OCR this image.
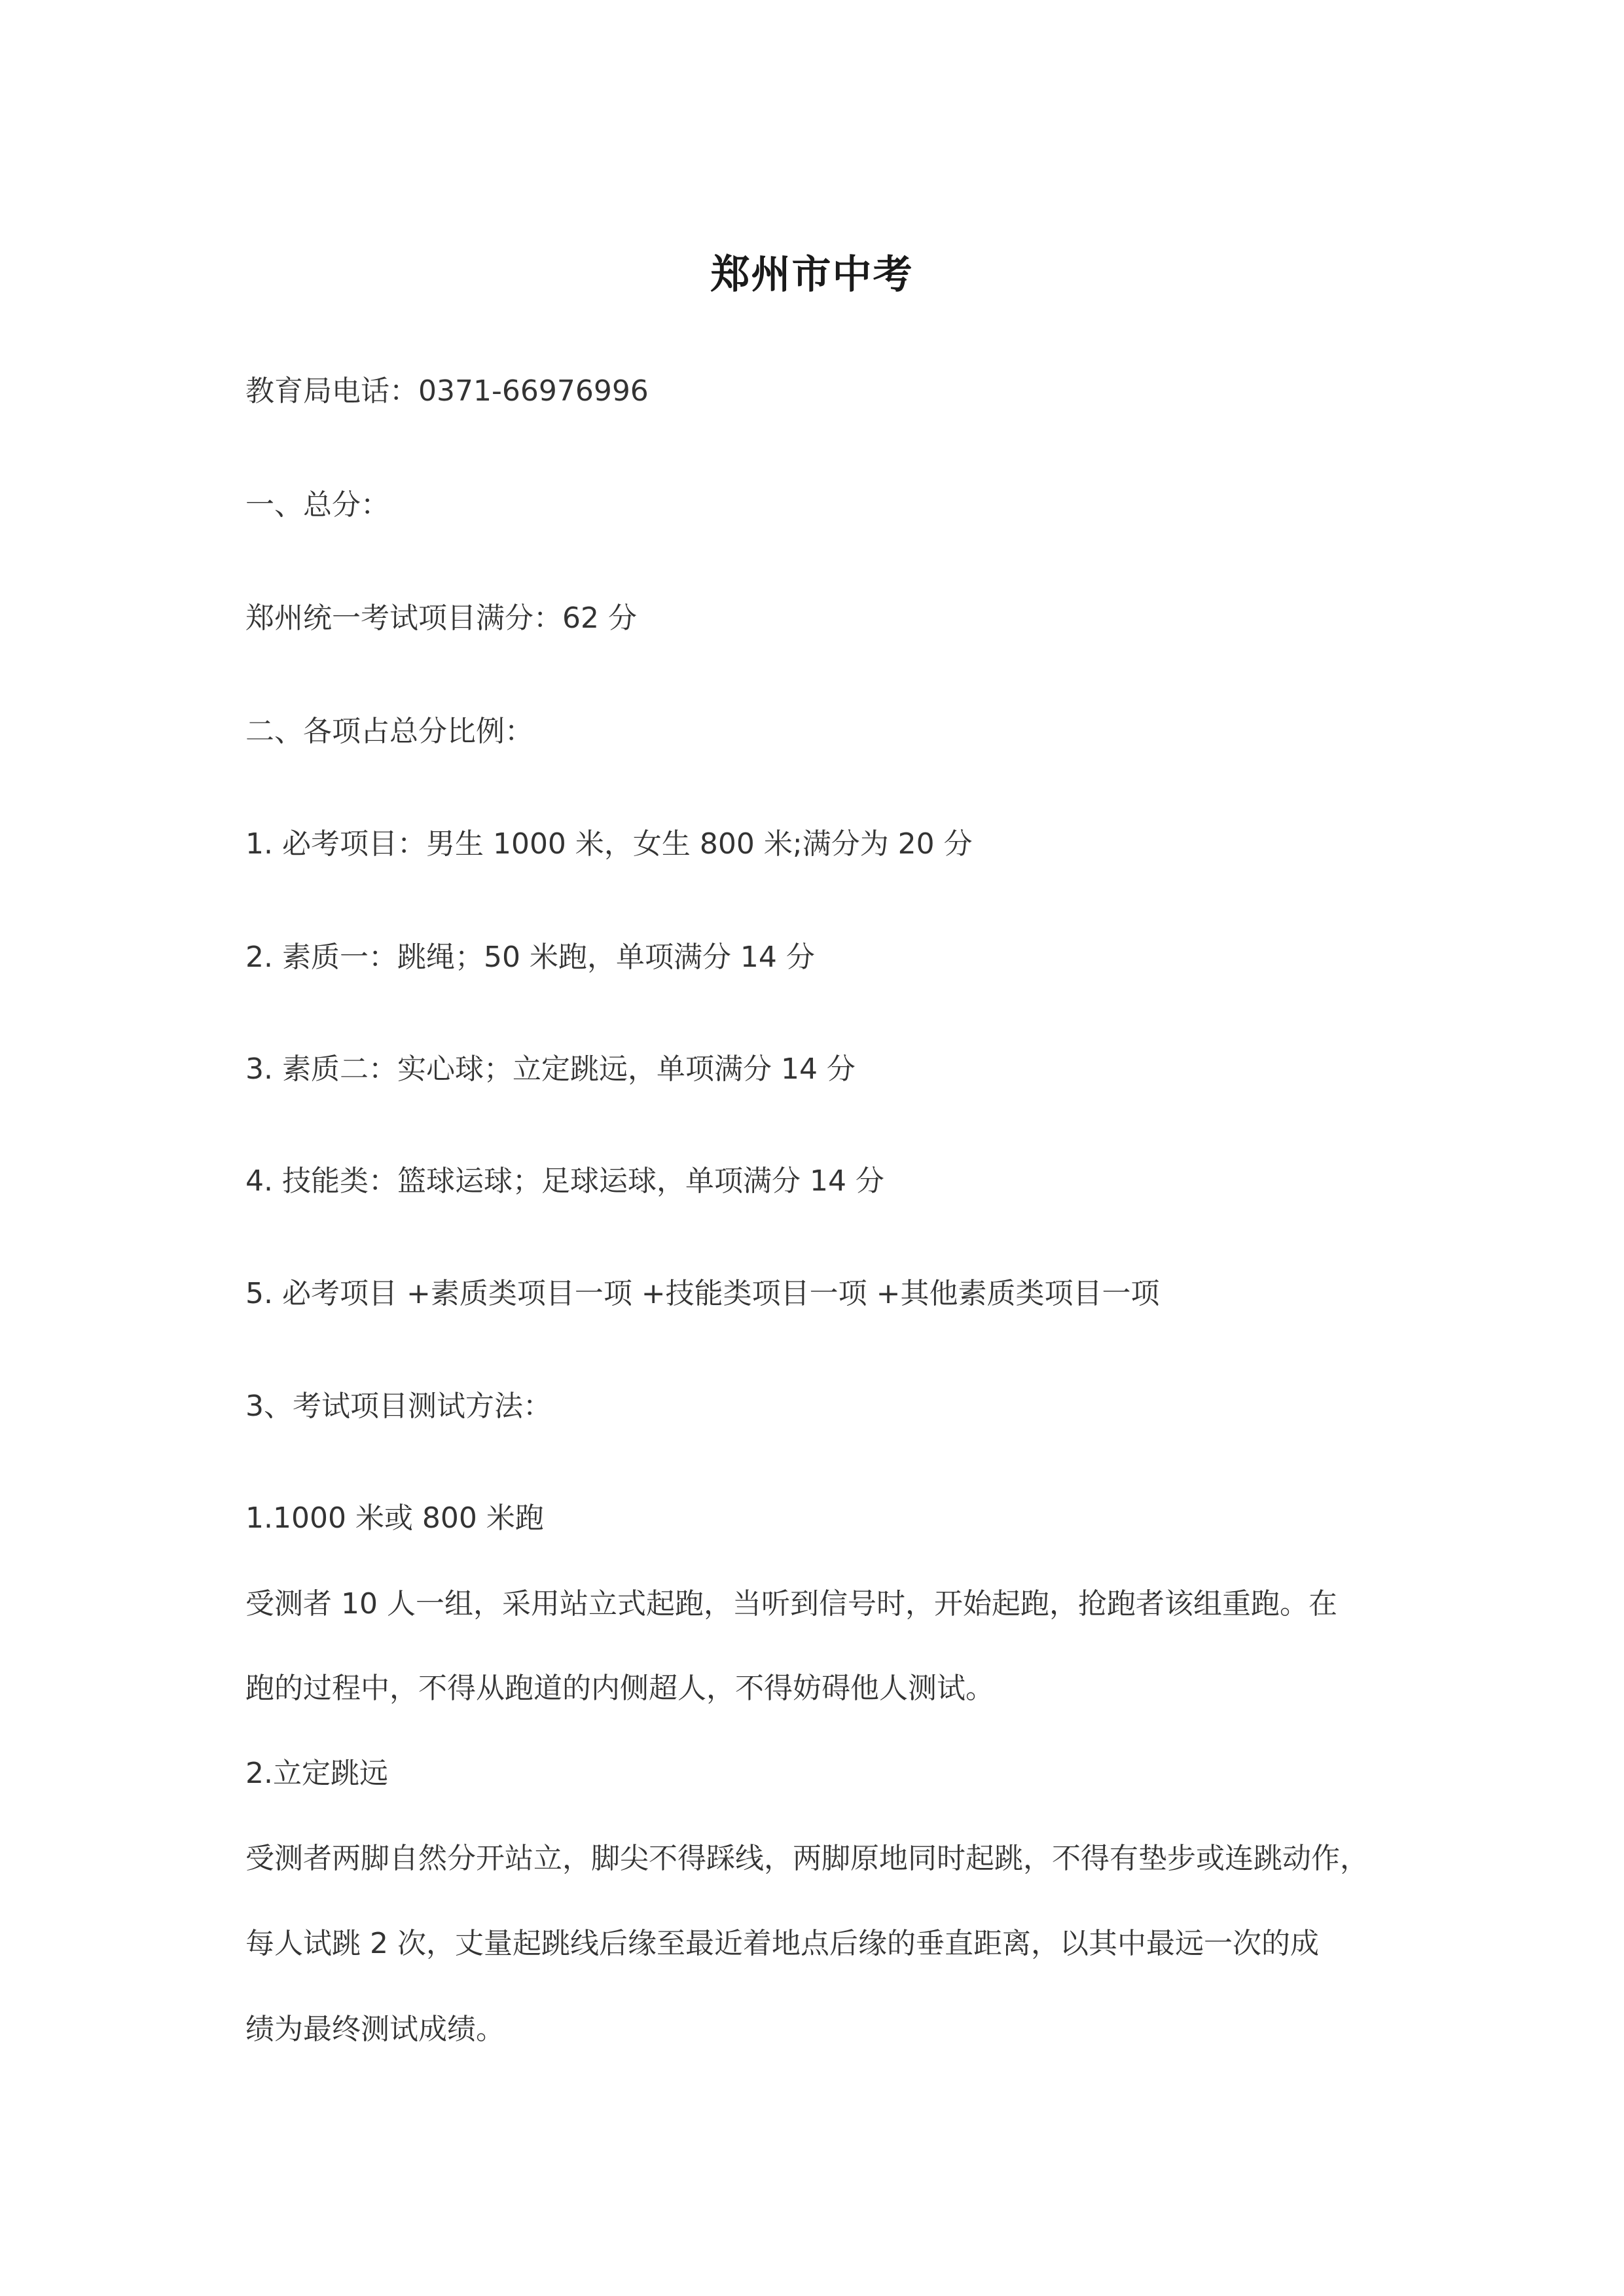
郑州市中考
教育局电话：0371-66976996
一、总分：
郑州统一考试项目满分：62 分
二、各项占总分比例：
1. 必考项目：男生 1000 米，女生 800 米;满分为 20 分
2. 素质一：跳绳；50 米跑，单项满分 14 分
3. 素质二：实心球；立定跳远，单项满分 14 分
4. 技能类：篮球运球；足球运球，单项满分 14 分
5. 必考项目 +素质类项目一项 +技能类项目一项 +其他素质类项目一项
3、考试项目测试方法：
1.1000 米或 800 米跑
受测者 10 人一组，采用站立式起跑，当听到信号时，开始起跑，抢跑者该组重跑。在
跑的过程中，不得从跑道的内侧超人，不得妨碍他人测试。
2.立定跳远
受测者两脚自然分开站立，脚尖不得踩线，两脚原地同时起跳，不得有垫步或连跳动作，
每人试跳 2 次，丈量起跳线后缘至最近着地点后缘的垂直距离，以其中最远一次的成
绩为最终测试成绩。
